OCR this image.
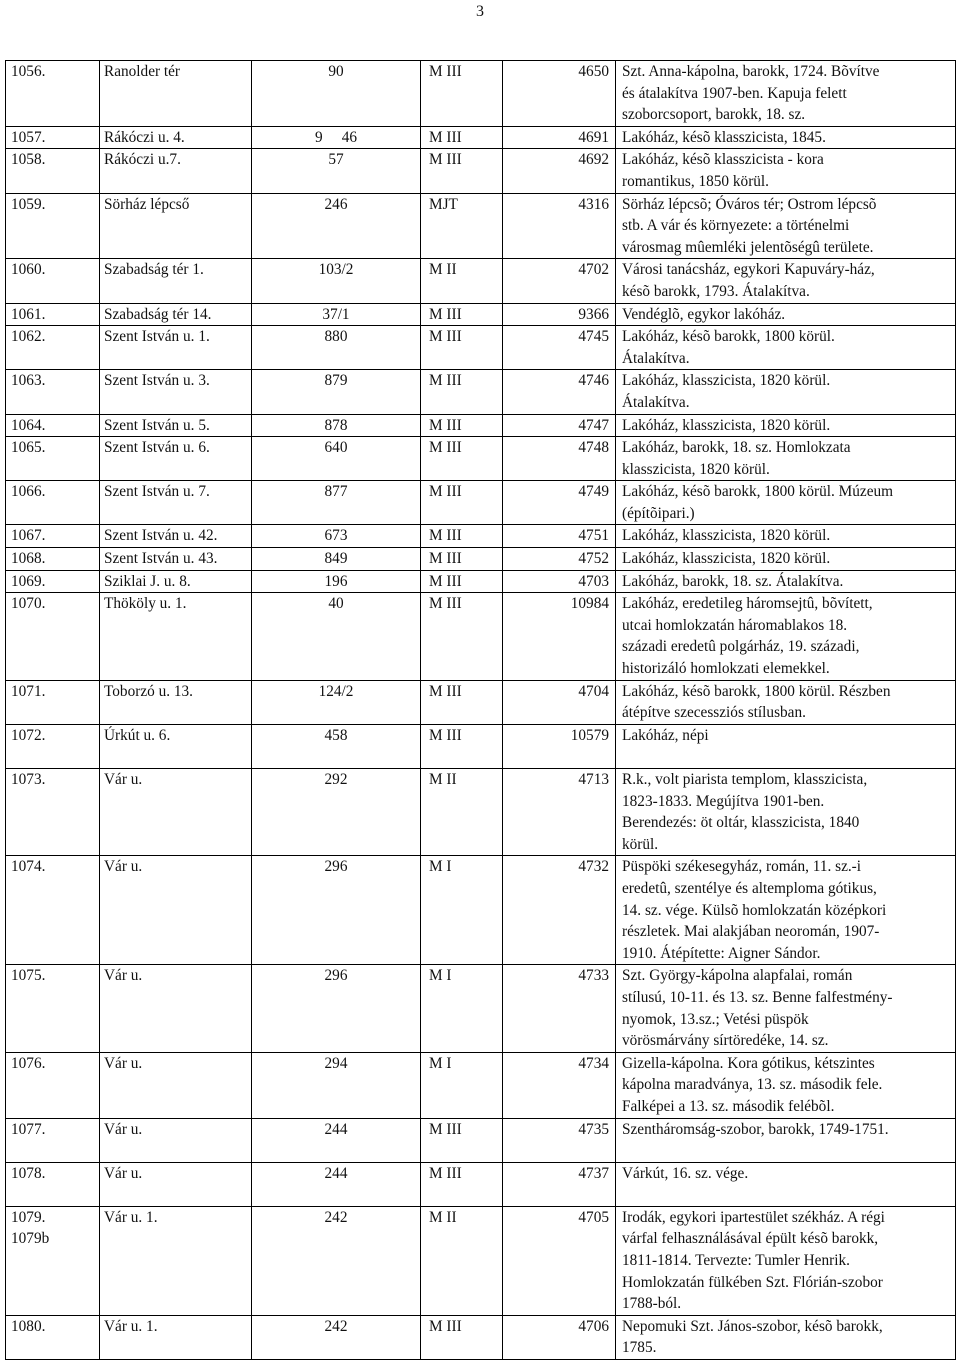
3
1056.	Ranolder tér	90	M III	4650	Szt. Anna-kápolna, barokk, 1724. Bõvítve
és átalakítva 1907-ben. Kapuja felett
szoborcsoport, barokk, 18. sz.

1057.	Rákóczi u. 4.	9     46	M III	4691	Lakóház, késõ klasszicista, 1845.

1058.	Rákóczi u.7.	57	M III	4692	Lakóház, késõ klasszicista - kora
romantikus, 1850 körül.

1059.	Sörház lépcső	246	MJT	4316	Sörház lépcsõ; Óváros tér; Ostrom lépcsõ
stb. A vár és környezete: a történelmi
városmag mûemléki jelentõségû területe.

1060.	Szabadság tér 1.	103/2	M II	4702	Városi tanácsház, egykori Kapuváry-ház,
késõ barokk, 1793. Átalakítva.

1061.	Szabadság tér 14.	37/1	M III	9366	Vendéglõ, egykor lakóház.

1062.	Szent István u. 1.	880	M III	4745	Lakóház, késõ barokk, 1800 körül.
Átalakítva.

1063.	Szent István u. 3.	879	M III	4746	Lakóház, klasszicista, 1820 körül.
Átalakítva.

1064.	Szent István u. 5.	878	M III	4747	Lakóház, klasszicista, 1820 körül.

1065.	Szent István u. 6.	640	M III	4748	Lakóház, barokk, 18. sz. Homlokzata
klasszicista, 1820 körül.

1066.	Szent István u. 7.	877	M III	4749	Lakóház, késõ barokk, 1800 körül. Múzeum
(építõipari.)

1067.	Szent István u. 42.	673	M III	4751	Lakóház, klasszicista, 1820 körül.

1068.	Szent István u. 43.	849	M III	4752	Lakóház, klasszicista, 1820 körül.

1069.	Sziklai J. u. 8.	196	M III	4703	Lakóház, barokk, 18. sz. Átalakítva.

1070.	Thököly u. 1.	40	M III	10984	Lakóház, eredetileg háromsejtû, bõvített,
utcai homlokzatán háromablakos 18.
századi eredetû polgárház, 19. századi,
historizáló homlokzati elemekkel.

1071.	Toborzó u. 13.	124/2	M III	4704	Lakóház, késõ barokk, 1800 körül. Részben
átépítve szecessziós stílusban.

1072.	Úrkút u. 6.	458	M III	10579	Lakóház, népi

1073.	Vár u.	292	M II	4713	R.k., volt piarista templom, klasszicista,
1823-1833. Megújítva 1901-ben.
Berendezés: öt oltár, klasszicista, 1840
körül.

1074.	Vár u.	296	M I	4732	Püspöki székesegyház, román, 11. sz.-i
eredetû, szentélye és altemploma gótikus,
14. sz. vége. Külsõ homlokzatán középkori
részletek. Mai alakjában neoromán, 1907-
1910. Átépítette: Aigner Sándor.

1075.	Vár u.	296	M I	4733	Szt. György-kápolna alapfalai, román
stílusú, 10-11. és 13. sz. Benne falfestmény-
nyomok, 13.sz.; Vetési püspök
vörösmárvány sírtöredéke, 14. sz.

1076.	Vár u.	294	M I	4734	Gizella-kápolna. Kora gótikus, kétszintes
kápolna maradványa, 13. sz. második fele.
Falképei a 13. sz. második felébõl.

1077.	Vár u.	244	M III	4735	Szentháromság-szobor, barokk, 1749-1751.

1078.	Vár u.	244	M III	4737	Várkút, 16. sz. vége.

1079.
1079b	Vár u. 1.	242	M II	4705	Irodák, egykori ipartestület székház. A régi
várfal felhasználásával épült késõ barokk,
1811-1814. Tervezte: Tumler Henrik.
Homlokzatán fülkében Szt. Flórián-szobor
1788-ból.

1080.	Vár u. 1.	242	M III	4706	Nepomuki Szt. János-szobor, késõ barokk,
1785.
